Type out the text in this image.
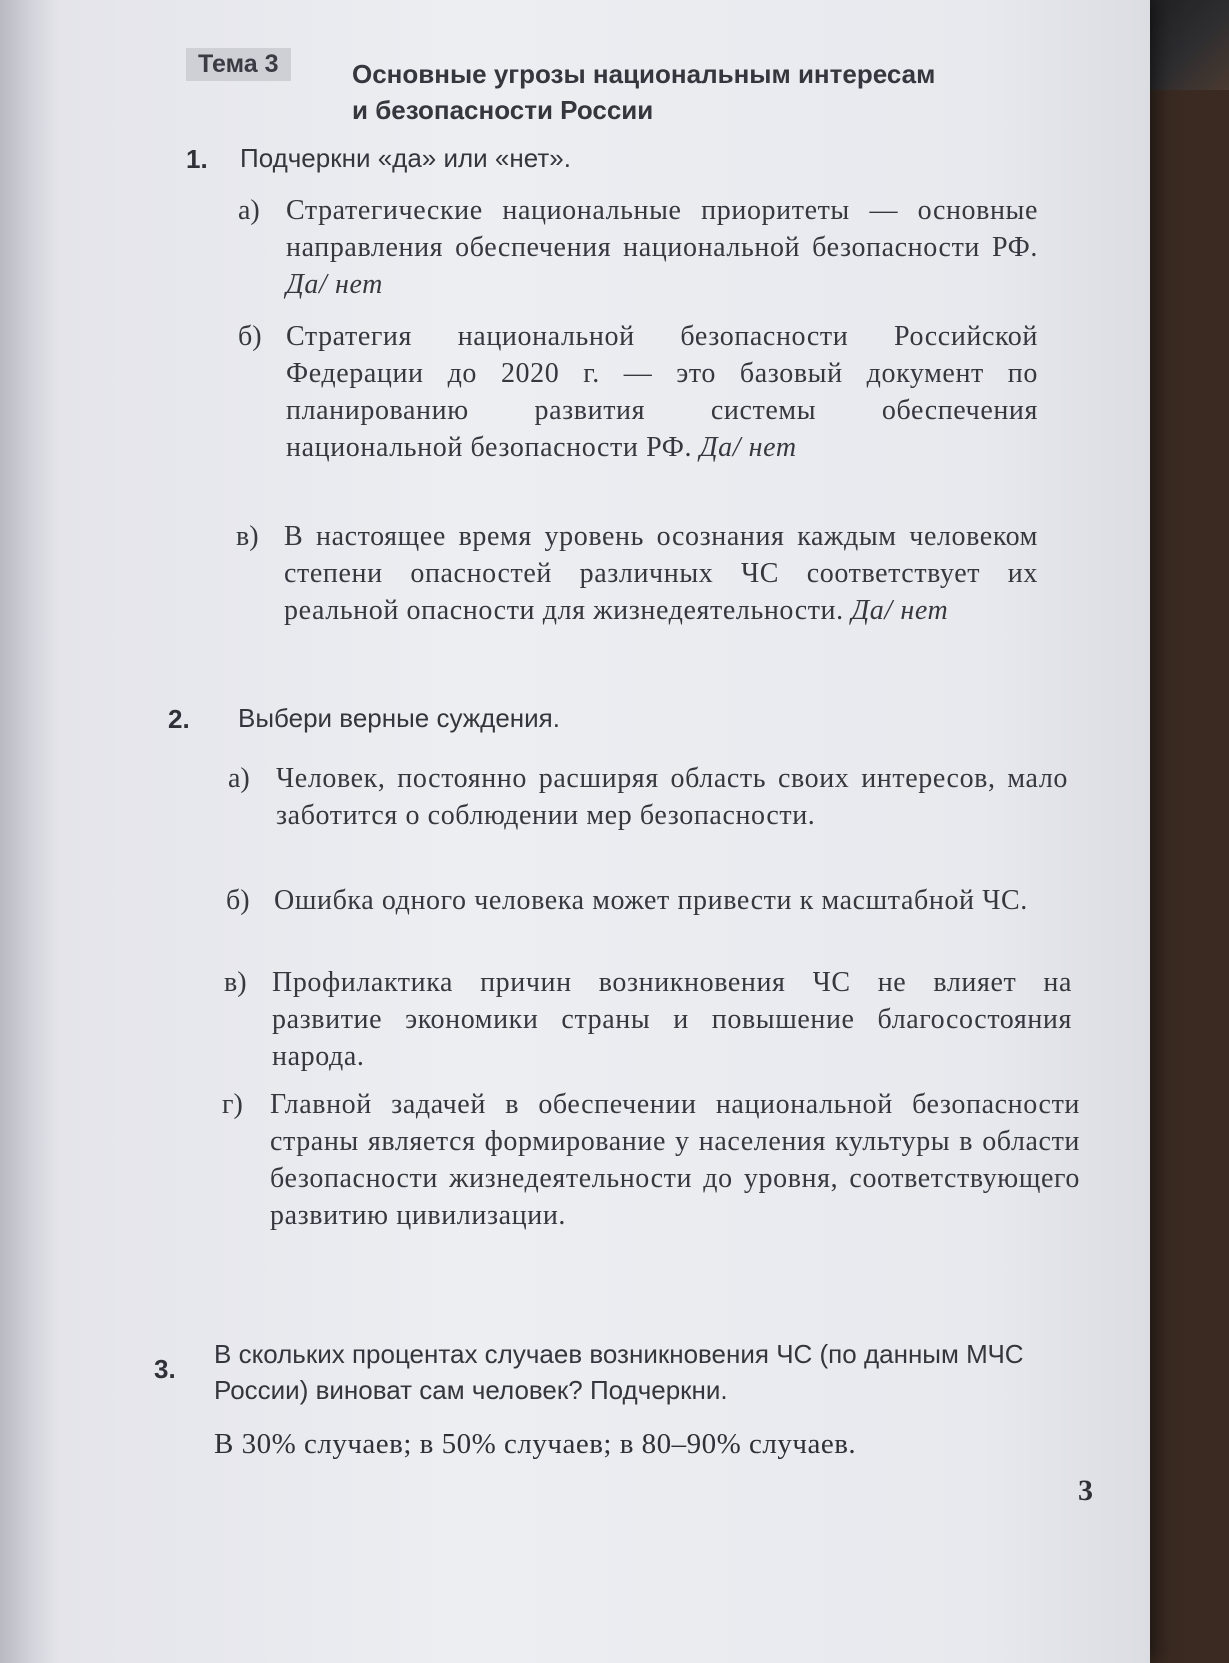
Тема 3	Основные угрозы национальным интересам и безопасности России
1. Подчеркни «да» или «нет».
а) Стратегические национальные приоритеты — основные направления обеспечения национальной безопасности РФ. Да/ нет
б) Стратегия национальной безопасности Российской Федерации до 2020 г. — это базовый документ по планированию развития системы обеспечения национальной безопасности РФ. Да/ нет
в) В настоящее время уровень осознания каждым человеком степени опасностей различных ЧС соответствует их реальной опасности для жизнедеятельности. Да/ нет
2. Выбери верные суждения.
а) Человек, постоянно расширяя область своих интересов, мало заботится о соблюдении мер безопасности.
б) Ошибка одного человека может привести к масштабной ЧС.
в) Профилактика причин возникновения ЧС не влияет на развитие экономики страны и повышение благосостояния народа.
г) Главной задачей в обеспечении национальной безопасности страны является формирование у населения культуры в области безопасности жизнедеятельности до уровня, соответствующего развитию цивилизации.
3. В скольких процентах случаев возникновения ЧС (по данным МЧС России) виноват сам человек? Подчеркни.
В 30% случаев; в 50% случаев; в 80–90% случаев.
3
